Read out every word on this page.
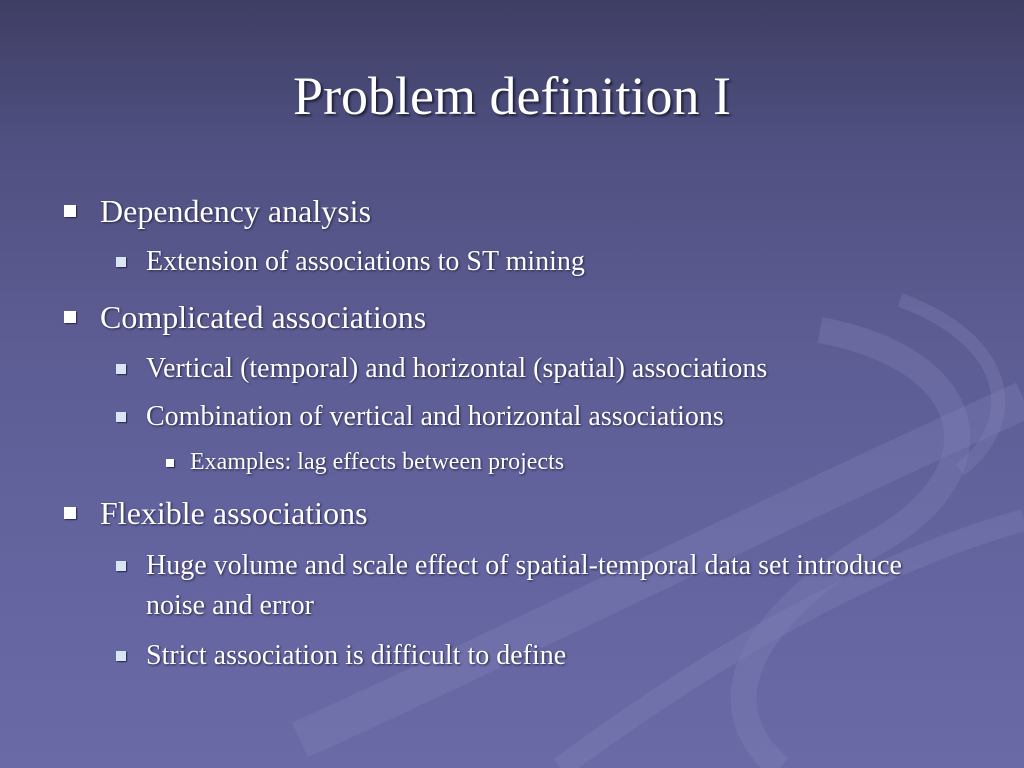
Problem definition I
Dependency analysis
Extension of associations to ST mining
Complicated associations
Vertical (temporal) and horizontal (spatial) associations
Combination of vertical and horizontal associations
Examples: lag effects between projects
Flexible associations
Huge volume and scale effect of spatial-temporal data set introduce noise and error
Strict association is difficult to define
